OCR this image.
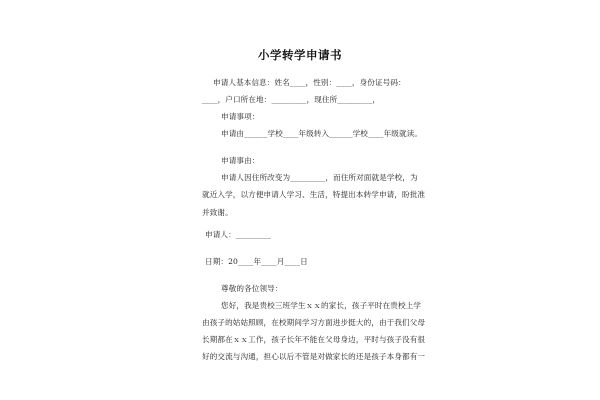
小学转学申请书
申请人基本信息：姓名____，性别：____，身份证号码：
____，户口所在地：_________，现住所_________，
申请事项：
申请由______学校____年级转入______学校____年级就读。
申请事由：
申请人因住所改变为_________，而住所对面就是学校，为
就近入学，以方便申请人学习、生活，特提出本转学申请，盼批准
并致谢。
申请人：_________
日期：20____年____月____日
尊敬的各位领导：
您好，我是贵校三班学生ｘｘ的家长，孩子平时在贵校上学
由孩子的姑姑照顾，在校期间学习方面进步挺大的，由于我们父母
长期都在ｘｘ工作，孩子长年不能在父母身边，平时与孩子没有很
好的交流与沟通，担心以后不管是对做家长的还是孩子本身都有一
